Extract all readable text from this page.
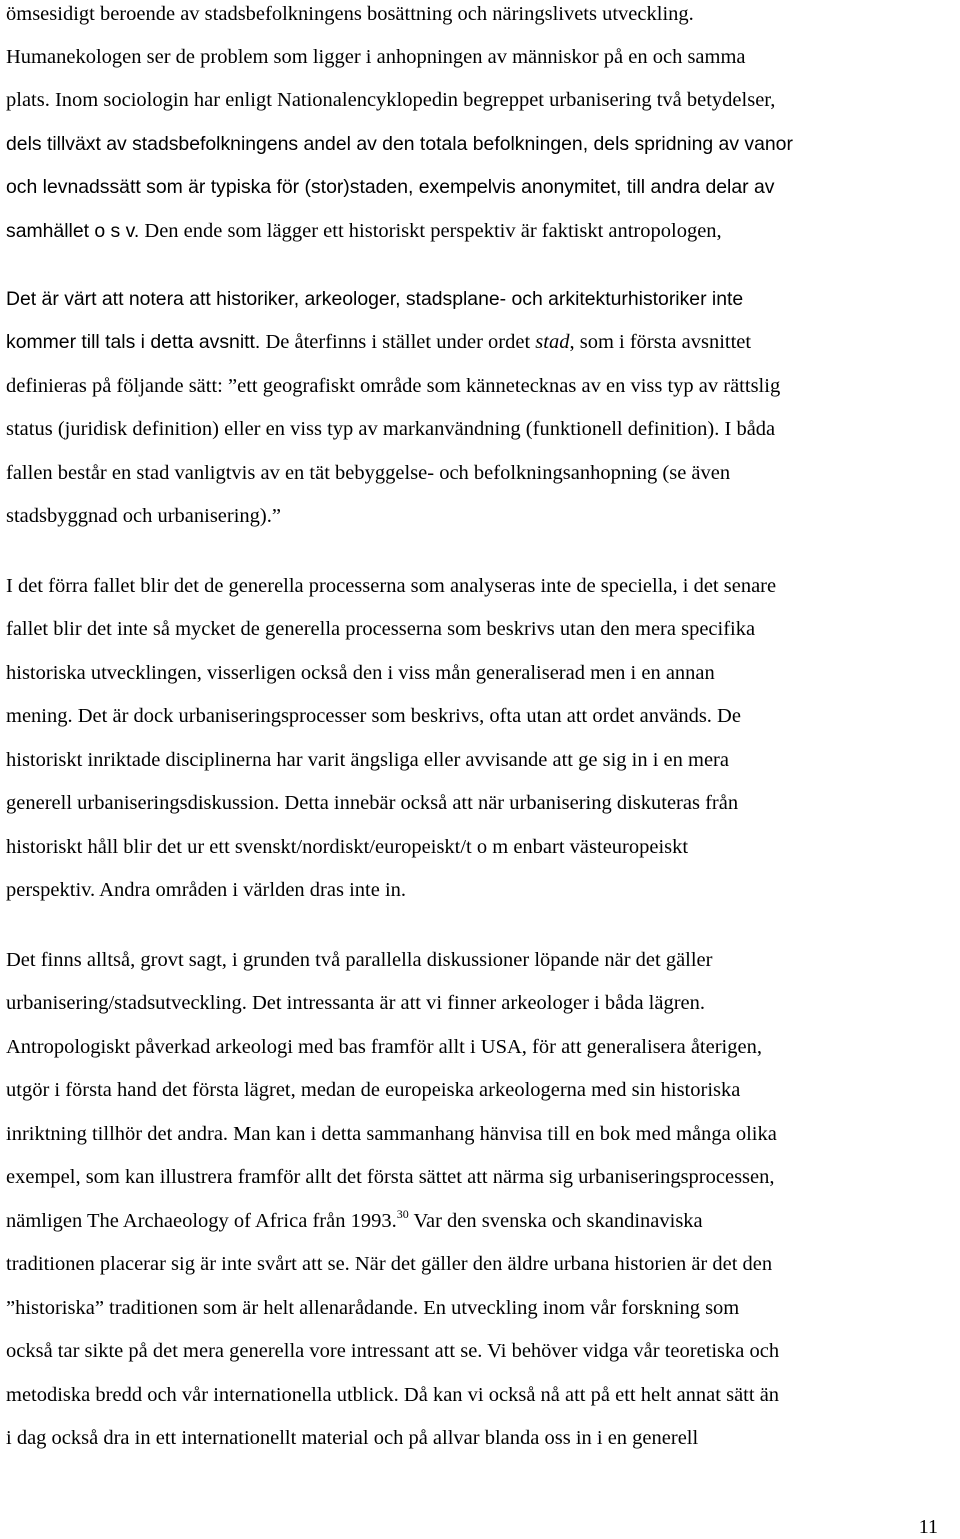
ömsesidigt beroende av stadsbefolkningens bosättning och näringslivets utveckling.
Humanekologen ser de problem som ligger i anhopningen av människor på en och samma
plats. Inom sociologin har enligt Nationalencyklopedin begreppet urbanisering två betydelser,
dels tillväxt av stadsbefolkningens andel av den totala befolkningen, dels spridning av vanor
och levnadssätt som är typiska för (stor)staden, exempelvis anonymitet, till andra delar av
samhället o s v. Den ende som lägger ett historiskt perspektiv är faktiskt antropologen,
Det är värt att notera att historiker, arkeologer, stadsplane- och arkitekturhistoriker inte
kommer till tals i detta avsnitt. De återfinns i stället under ordet stad, som i första avsnittet
definieras på följande sätt: ”ett geografiskt område som kännetecknas av en viss typ av rättslig
status (juridisk definition) eller en viss typ av markanvändning (funktionell definition). I båda
fallen består en stad vanligtvis av en tät bebyggelse- och befolkningsanhopning (se även
stadsbyggnad och urbanisering).”
I det förra fallet blir det de generella processerna som analyseras inte de speciella, i det senare
fallet blir det inte så mycket de generella processerna som beskrivs utan den mera specifika
historiska utvecklingen, visserligen också den i viss mån generaliserad men i en annan
mening. Det är dock urbaniseringsprocesser som beskrivs, ofta utan att ordet används. De
historiskt inriktade disciplinerna har varit ängsliga eller avvisande att ge sig in i en mera
generell urbaniseringsdiskussion. Detta innebär också att när urbanisering diskuteras från
historiskt håll blir det ur ett svenskt/nordiskt/europeiskt/t o m enbart västeuropeiskt
perspektiv. Andra områden i världen dras inte in.
Det finns alltså, grovt sagt, i grunden två parallella diskussioner löpande när det gäller
urbanisering/stadsutveckling. Det intressanta är att vi finner arkeologer i båda lägren.
Antropologiskt påverkad arkeologi med bas framför allt i USA, för att generalisera återigen,
utgör i första hand det första lägret, medan de europeiska arkeologerna med sin historiska
inriktning tillhör det andra. Man kan i detta sammanhang hänvisa till en bok med många olika
exempel, som kan illustrera framför allt det första sättet att närma sig urbaniseringsprocessen,
nämligen The Archaeology of Africa från 1993.30 Var den svenska och skandinaviska
traditionen placerar sig är inte svårt att se. När det gäller den äldre urbana historien är det den
”historiska” traditionen som är helt allenarådande. En utveckling inom vår forskning som
också tar sikte på det mera generella vore intressant att se. Vi behöver vidga vår teoretiska och
metodiska bredd och vår internationella utblick. Då kan vi också nå att på ett helt annat sätt än
i dag också dra in ett internationellt material och på allvar blanda oss in i en generell
11
